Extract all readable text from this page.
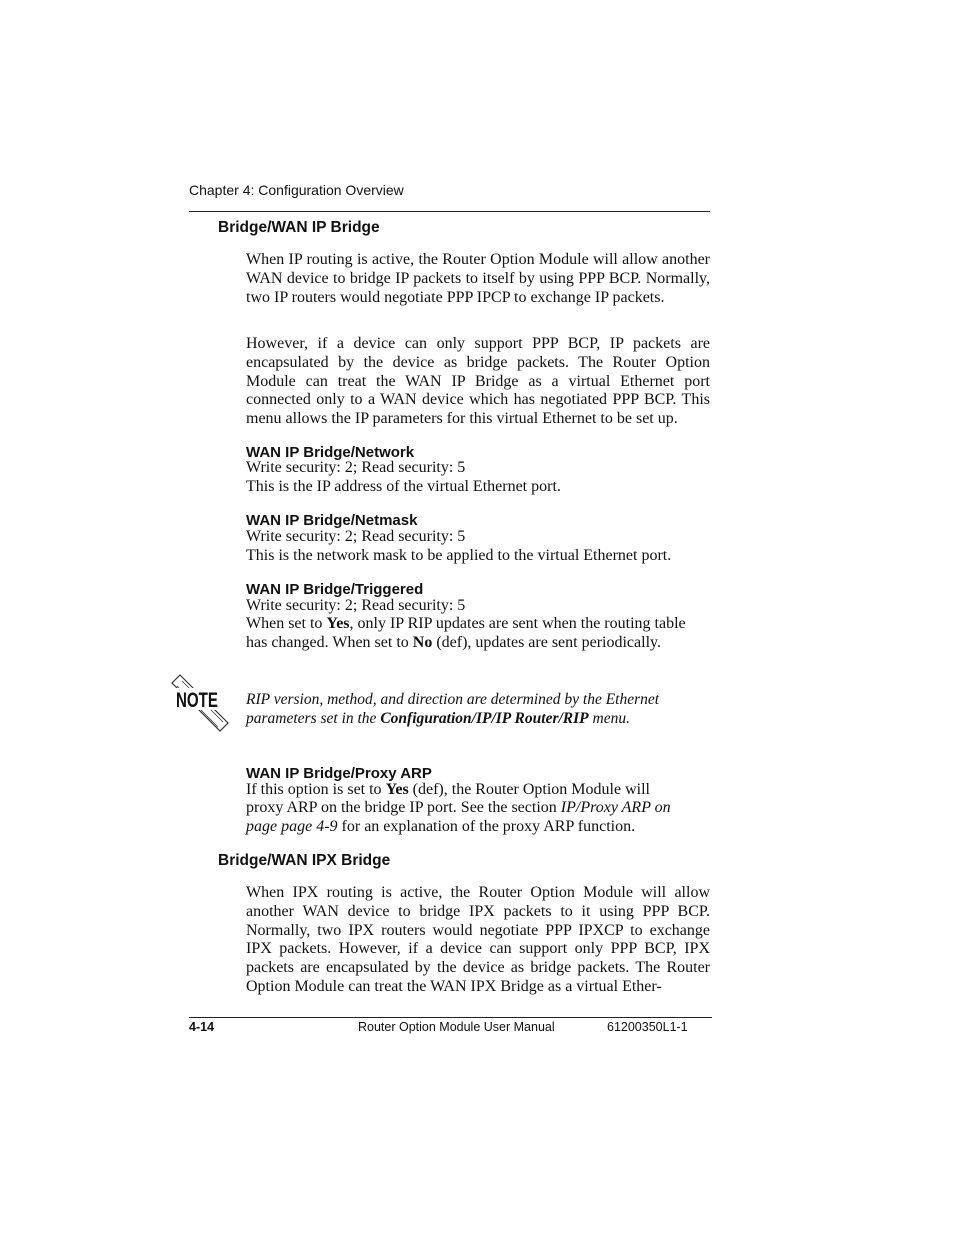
Chapter 4: Configuration Overview
Bridge/WAN IP Bridge
When IP routing is active, the Router Option Module will allow another WAN device to bridge IP packets to itself by using PPP BCP. Normally, two IP routers would negotiate PPP IPCP to exchange IP packets.
However, if a device can only support PPP BCP, IP packets are encapsulated by the device as bridge packets. The Router Option Module can treat the WAN IP Bridge as a virtual Ethernet port connected only to a WAN device which has negotiated PPP BCP. This menu allows the IP parameters for this virtual Ethernet to be set up.
WAN IP Bridge/Network
Write security: 2; Read security: 5
This is the IP address of the virtual Ethernet port.
WAN IP Bridge/Netmask
Write security: 2; Read security: 5
This is the network mask to be applied to the virtual Ethernet port.
WAN IP Bridge/Triggered
Write security: 2; Read security: 5
When set to Yes, only IP RIP updates are sent when the routing table
has changed. When set to No (def), updates are sent periodically.
NOTE RIP version, method, and direction are determined by the Ethernet
parameters set in the Configuration/IP/IP Router/RIP menu.
WAN IP Bridge/Proxy ARP
If this option is set to Yes (def), the Router Option Module will
proxy ARP on the bridge IP port. See the section IP/Proxy ARP on
page page 4-9 for an explanation of the proxy ARP function.
Bridge/WAN IPX Bridge
When IPX routing is active, the Router Option Module will allow another WAN device to bridge IPX packets to it using PPP BCP. Normally, two IPX routers would negotiate PPP IPXCP to exchange IPX packets. However, if a device can support only PPP BCP, IPX packets are encapsulated by the device as bridge packets. The Router Option Module can treat the WAN IPX Bridge as a virtual Ether-
4-14	Router Option Module User Manual	61200350L1-1
